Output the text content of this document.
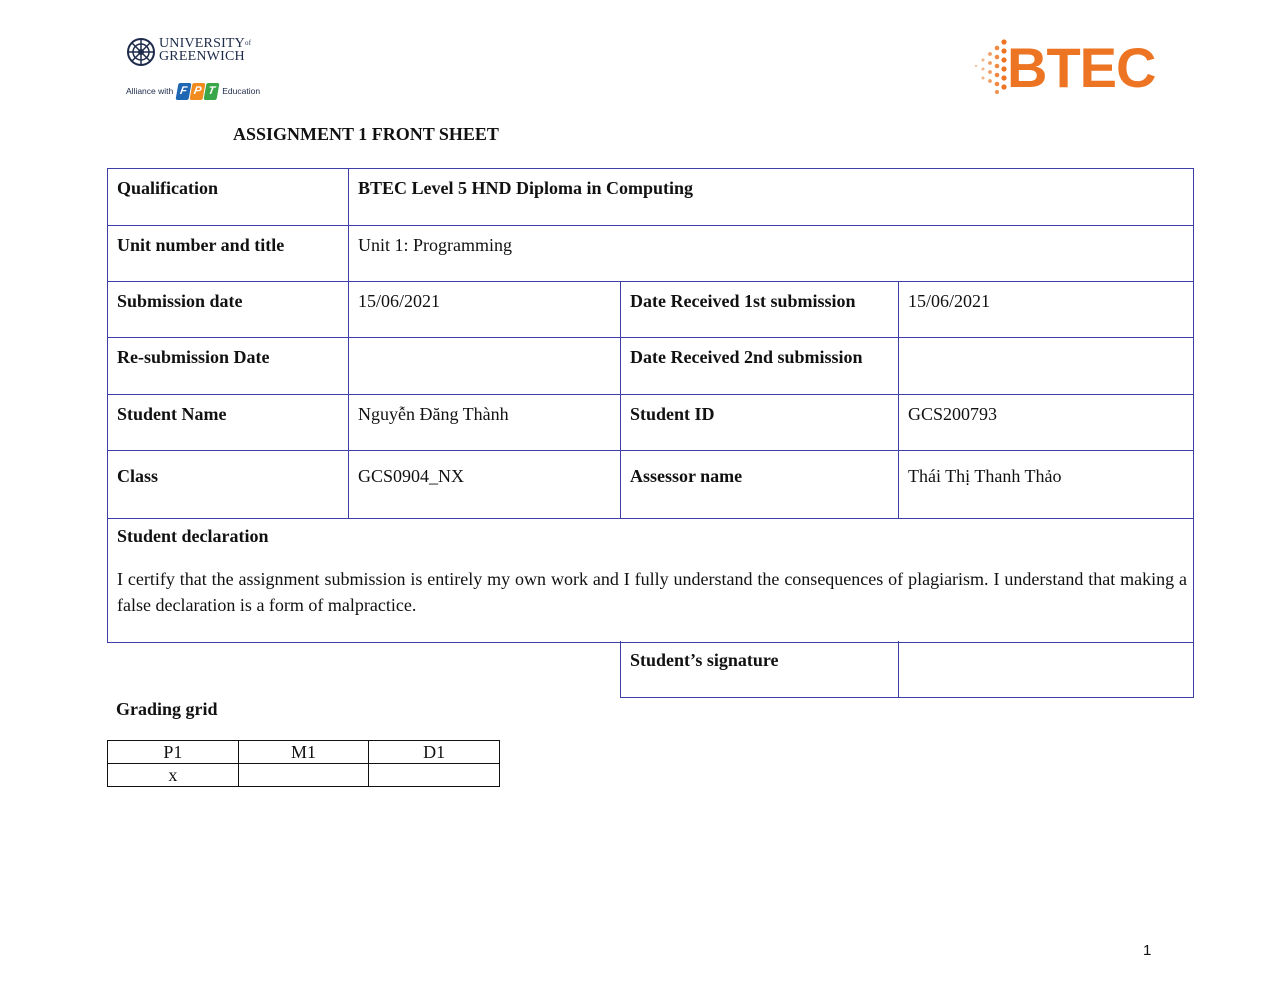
$UNIVERSITY^{of}$
GREENWICH
Alliance with F P T Education	BTEC
ASSIGNMENT 1 FRONT SHEET
Qualification	BTEC Level 5 HND Diploma in Computing		
Unit number and title	Unit 1: Programming		
Submission date	15/06/2021	Date Received 1st submission	15/06/2021
Re-submission Date		Date Received 2nd submission	
Student Name	Nguyễn Đăng Thành	Student ID	GCS200793
Class	GCS0904_NX	Assessor name	Thái Thị Thanh Thảo

Student declaration
I certify that the assignment submission is entirely my own work and I fully understand the consequences of plagiarism. I understand that making a false declaration is a form of malpractice.			
Student’s signature	
Grading grid
P1	M1	D1
x		
1
